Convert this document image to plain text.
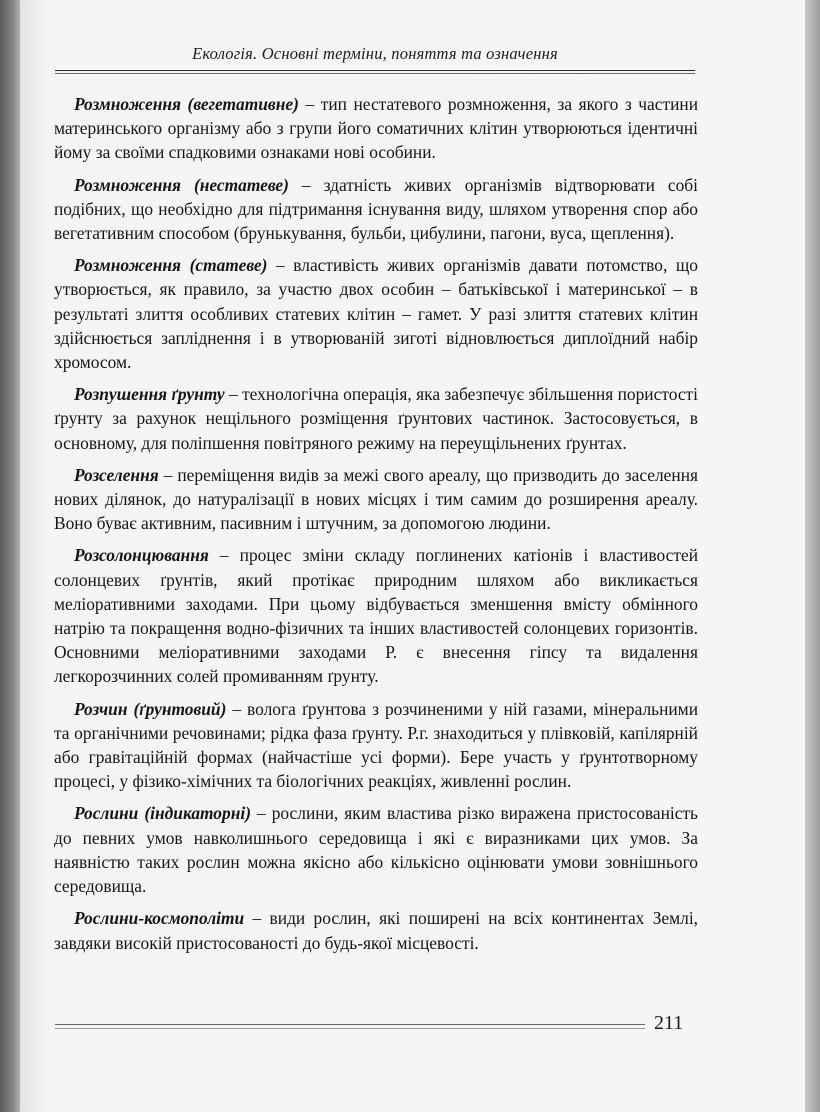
Екологія. Основні терміни, поняття та означення

Розмноження (вегетативне) – тип нестатевого розмноження, за якого з частини материнського організму або з групи його соматичних клітин утворюються ідентичні йому за своїми спадковими ознаками нові особини.

Розмноження (нестатеве) – здатність живих організмів відтворювати собі подібних, що необхідно для підтримання існування виду, шляхом утворення спор або вегетативним способом (брунькування, бульби, цибулини, пагони, вуса, щеплення).

Розмноження (статеве) – властивість живих організмів давати потомство, що утворюється, як правило, за участю двох особин – батьківської і материнської – в результаті злиття особливих статевих клітин – гамет. У разі злиття статевих клітин здійснюється запліднення і в утворюваній зиготі відновлюється диплоїдний набір хромосом.

Розпушення ґрунту – технологічна операція, яка забезпечує збільшення пористості ґрунту за рахунок нещільного розміщення ґрунтових частинок. Застосовується, в основному, для поліпшення повітряного режиму на переущільнених ґрунтах.

Розселення – переміщення видів за межі свого ареалу, що призводить до заселення нових ділянок, до натуралізації в нових місцях і тим самим до розширення ареалу. Воно буває активним, пасивним і штучним, за допомогою людини.

Розсолонцювання – процес зміни складу поглинених катіонів і властивостей солонцевих ґрунтів, який протікає природним шляхом або викликається меліоративними заходами. При цьому відбувається зменшення вмісту обмінного натрію та покращення водно-фізичних та інших властивостей солонцевих горизонтів. Основними меліоративними заходами Р. є внесення гіпсу та видалення легкорозчинних солей промиванням ґрунту.

Розчин (ґрунтовий) – волога ґрунтова з розчиненими у ній газами, мінеральними та органічними речовинами; рідка фаза ґрунту. Р.г. знаходиться у плівковій, капілярній або гравітаційній формах (найчастіше усі форми). Бере участь у ґрунтотворному процесі, у фізико-хімічних та біологічних реакціях, живленні рослин.

Рослини (індикаторні) – рослини, яким властива різко виражена пристосованість до певних умов навколишнього середовища і які є виразниками цих умов. За наявністю таких рослин можна якісно або кількісно оцінювати умови зовнішнього середовища.

Рослини-космополіти – види рослин, які поширені на всіх континентах Землі, завдяки високій пристосованості до будь-якої місцевості.

211
